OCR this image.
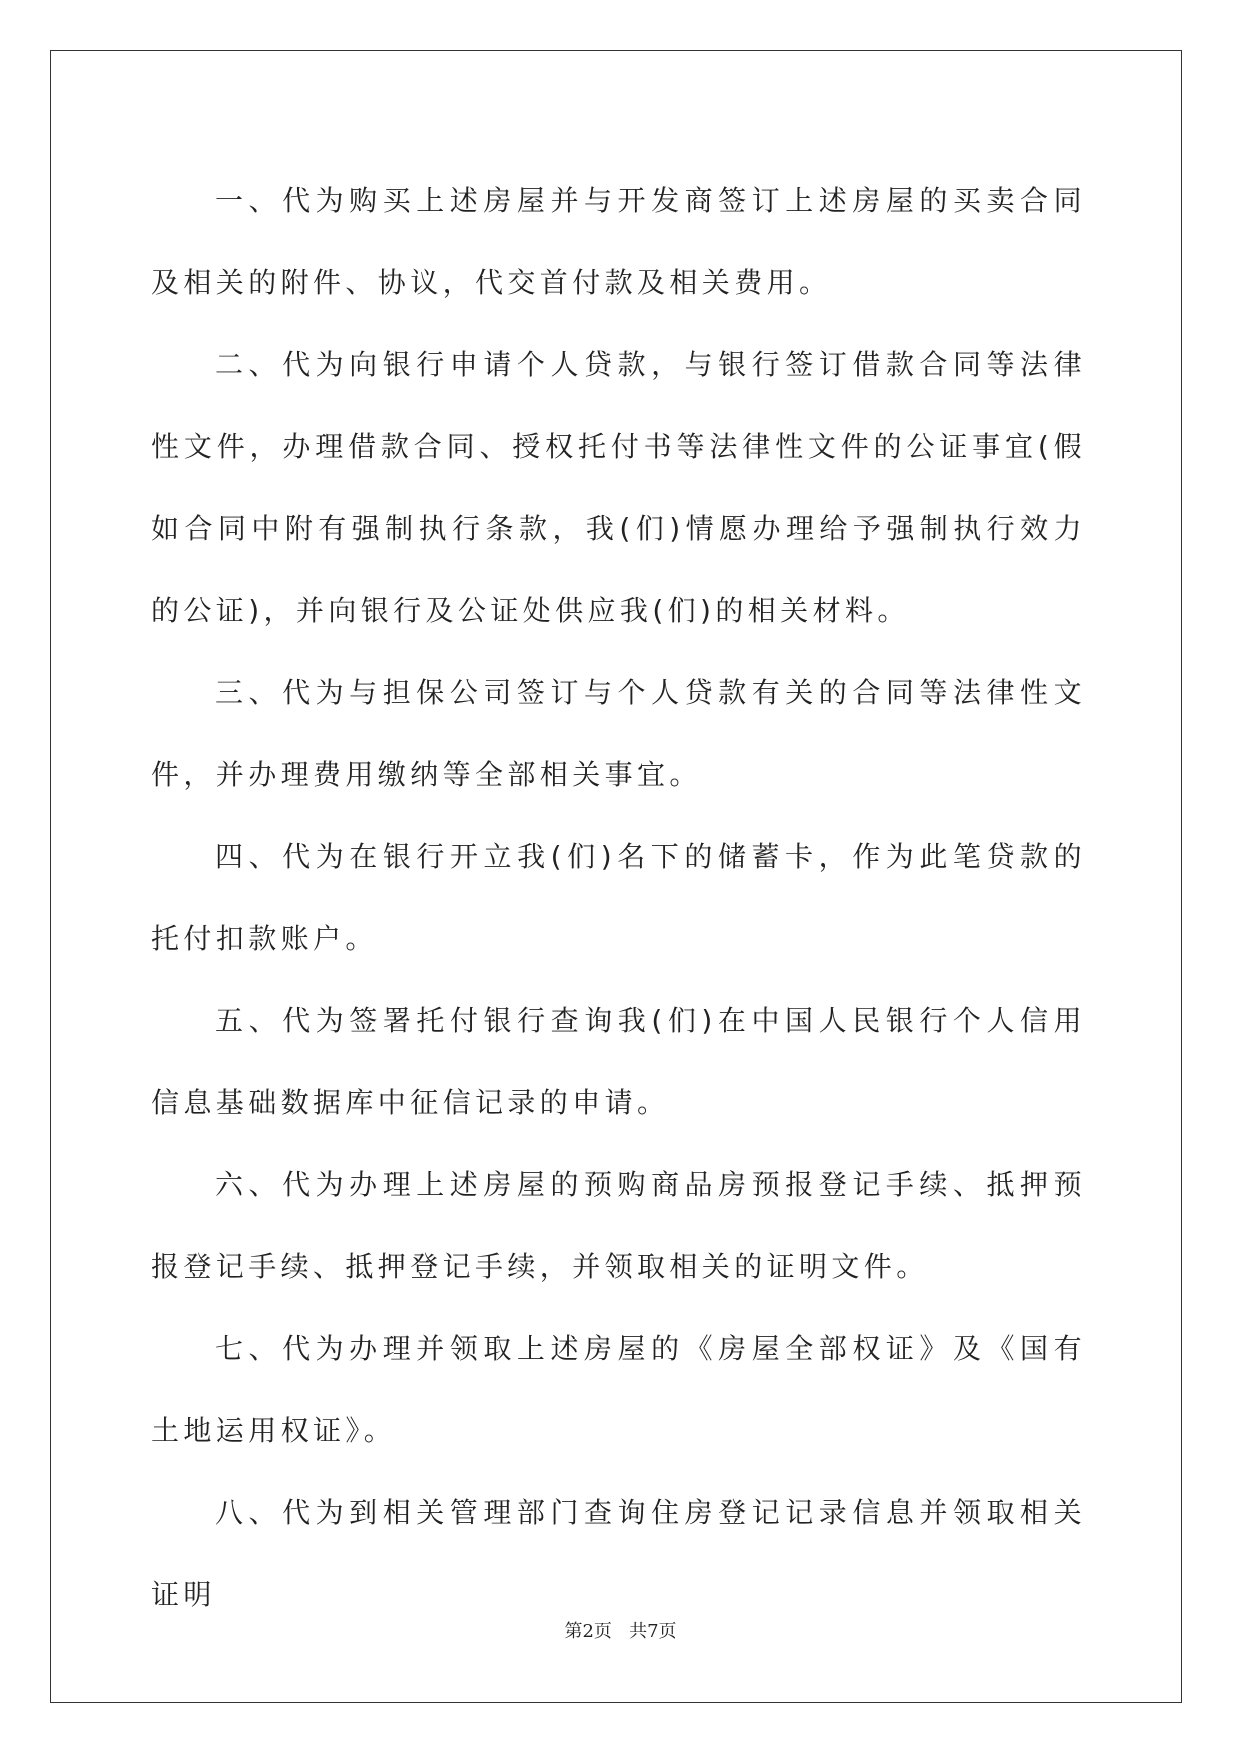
一、代为购买上述房屋并与开发商签订上述房屋的买卖合同及相关的附件、协议，代交首付款及相关费用。

二、代为向银行申请个人贷款，与银行签订借款合同等法律性文件，办理借款合同、授权托付书等法律性文件的公证事宜(假如合同中附有强制执行条款，我(们)情愿办理给予强制执行效力的公证)，并向银行及公证处供应我(们)的相关材料。

三、代为与担保公司签订与个人贷款有关的合同等法律性文件，并办理费用缴纳等全部相关事宜。

四、代为在银行开立我(们)名下的储蓄卡，作为此笔贷款的托付扣款账户。

五、代为签署托付银行查询我(们)在中国人民银行个人信用信息基础数据库中征信记录的申请。

六、代为办理上述房屋的预购商品房预报登记手续、抵押预报登记手续、抵押登记手续，并领取相关的证明文件。

七、代为办理并领取上述房屋的《房屋全部权证》及《国有土地运用权证》。

八、代为到相关管理部门查询住房登记记录信息并领取相关证明

第2页 共7页
